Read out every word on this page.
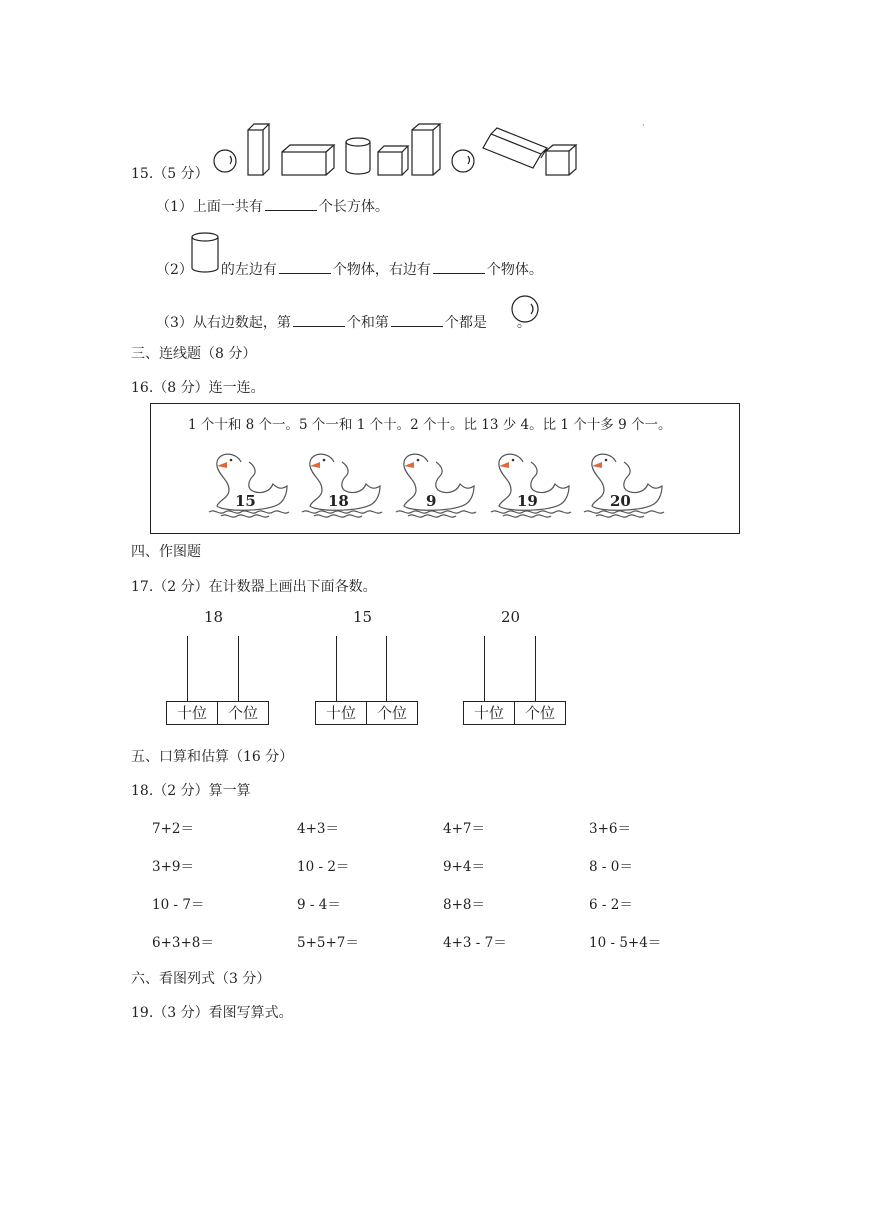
15.（5 分）
·
（1）上面一共有	个长方体。
（2） 的左边有	个物体，右边有	个物体。
（3）从右边数起，第	个和第	个都是 。
三、连线题（8 分）
16.（8 分）连一连。
1 个十和 8 个一。5 个一和 1 个十。2 个十。比 13 少 4。比 1 个十多 9 个一。
15	18	9	19	20
四、作图题
17.（2 分）在计数器上画出下面各数。
18
十位	个位
15
十位	个位
20
十位	个位
五、口算和估算（16 分）
18.（2 分）算一算
7+2＝	4+3＝	4+7＝	3+6＝
3+9＝	10 - 2＝	9+4＝	8 - 0＝
10 - 7＝	9 - 4＝	8+8＝	6 - 2＝
6+3+8＝	5+5+7＝	4+3 - 7＝	10 - 5+4＝
六、看图列式（3 分）
19.（3 分）看图写算式。
